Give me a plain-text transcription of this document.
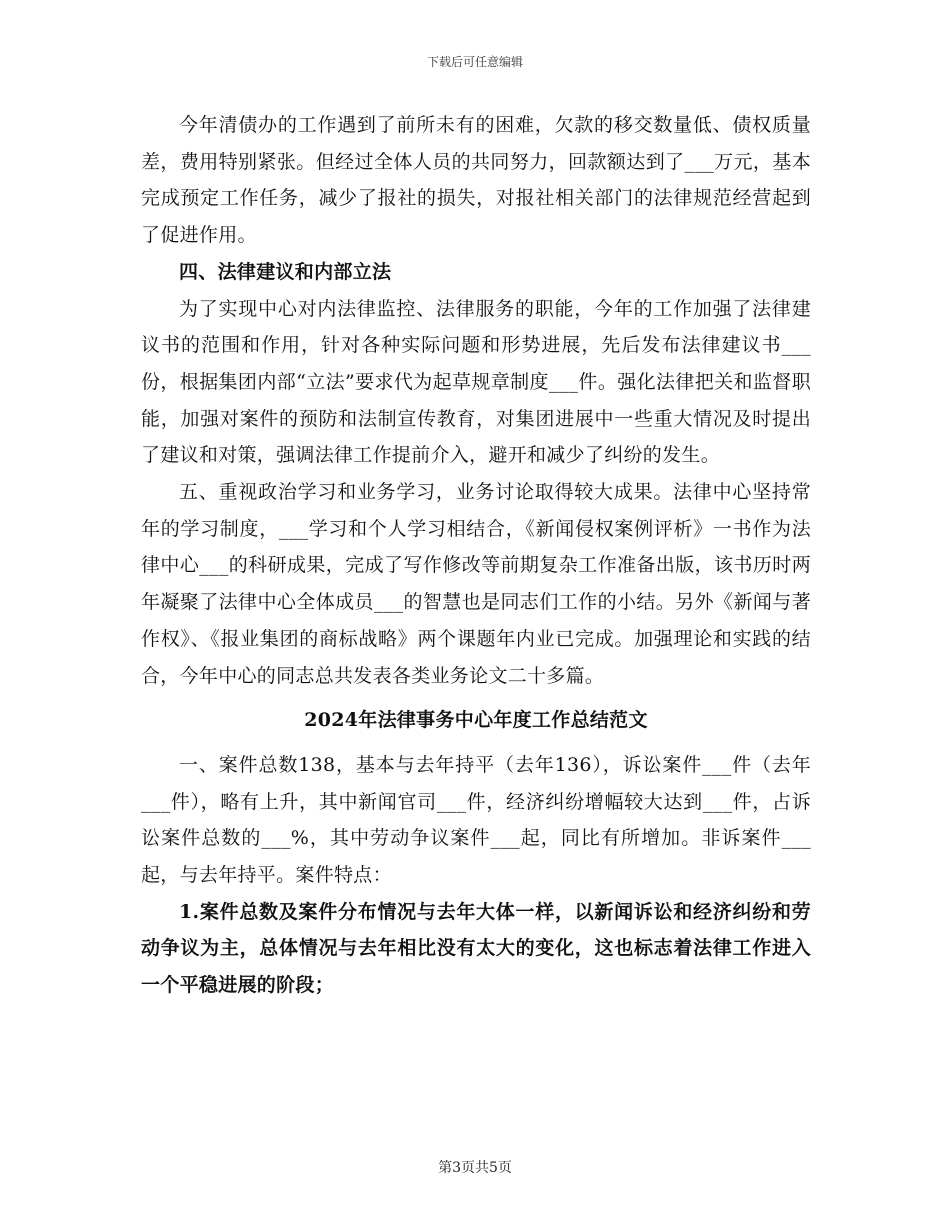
下载后可任意编辑

今年清债办的工作遇到了前所未有的困难，欠款的移交数量低、债权质量差，费用特别紧张。但经过全体人员的共同努力，回款额达到了___万元，基本完成预定工作任务，减少了报社的损失，对报社相关部门的法律规范经营起到了促进作用。

四、法律建议和内部立法

为了实现中心对内法律监控、法律服务的职能，今年的工作加强了法律建议书的范围和作用，针对各种实际问题和形势进展，先后发布法律建议书___份，根据集团内部“立法”要求代为起草规章制度___件。强化法律把关和监督职能，加强对案件的预防和法制宣传教育，对集团进展中一些重大情况及时提出了建议和对策，强调法律工作提前介入，避开和减少了纠纷的发生。

五、重视政治学习和业务学习，业务讨论取得较大成果。法律中心坚持常年的学习制度，___学习和个人学习相结合，《新闻侵权案例评析》一书作为法律中心___的科研成果，完成了写作修改等前期复杂工作准备出版，该书历时两年凝聚了法律中心全体成员___的智慧也是同志们工作的小结。另外《新闻与著作权》、《报业集团的商标战略》两个课题年内业已完成。加强理论和实践的结合，今年中心的同志总共发表各类业务论文二十多篇。

2024年法律事务中心年度工作总结范文

一、案件总数138，基本与去年持平（去年136），诉讼案件___件（去年___件），略有上升，其中新闻官司___件，经济纠纷增幅较大达到___件，占诉讼案件总数的___%，其中劳动争议案件___起，同比有所增加。非诉案件___起，与去年持平。案件特点：

1.案件总数及案件分布情况与去年大体一样，以新闻诉讼和经济纠纷和劳动争议为主，总体情况与去年相比没有太大的变化，这也标志着法律工作进入一个平稳进展的阶段；

第3页共5页
